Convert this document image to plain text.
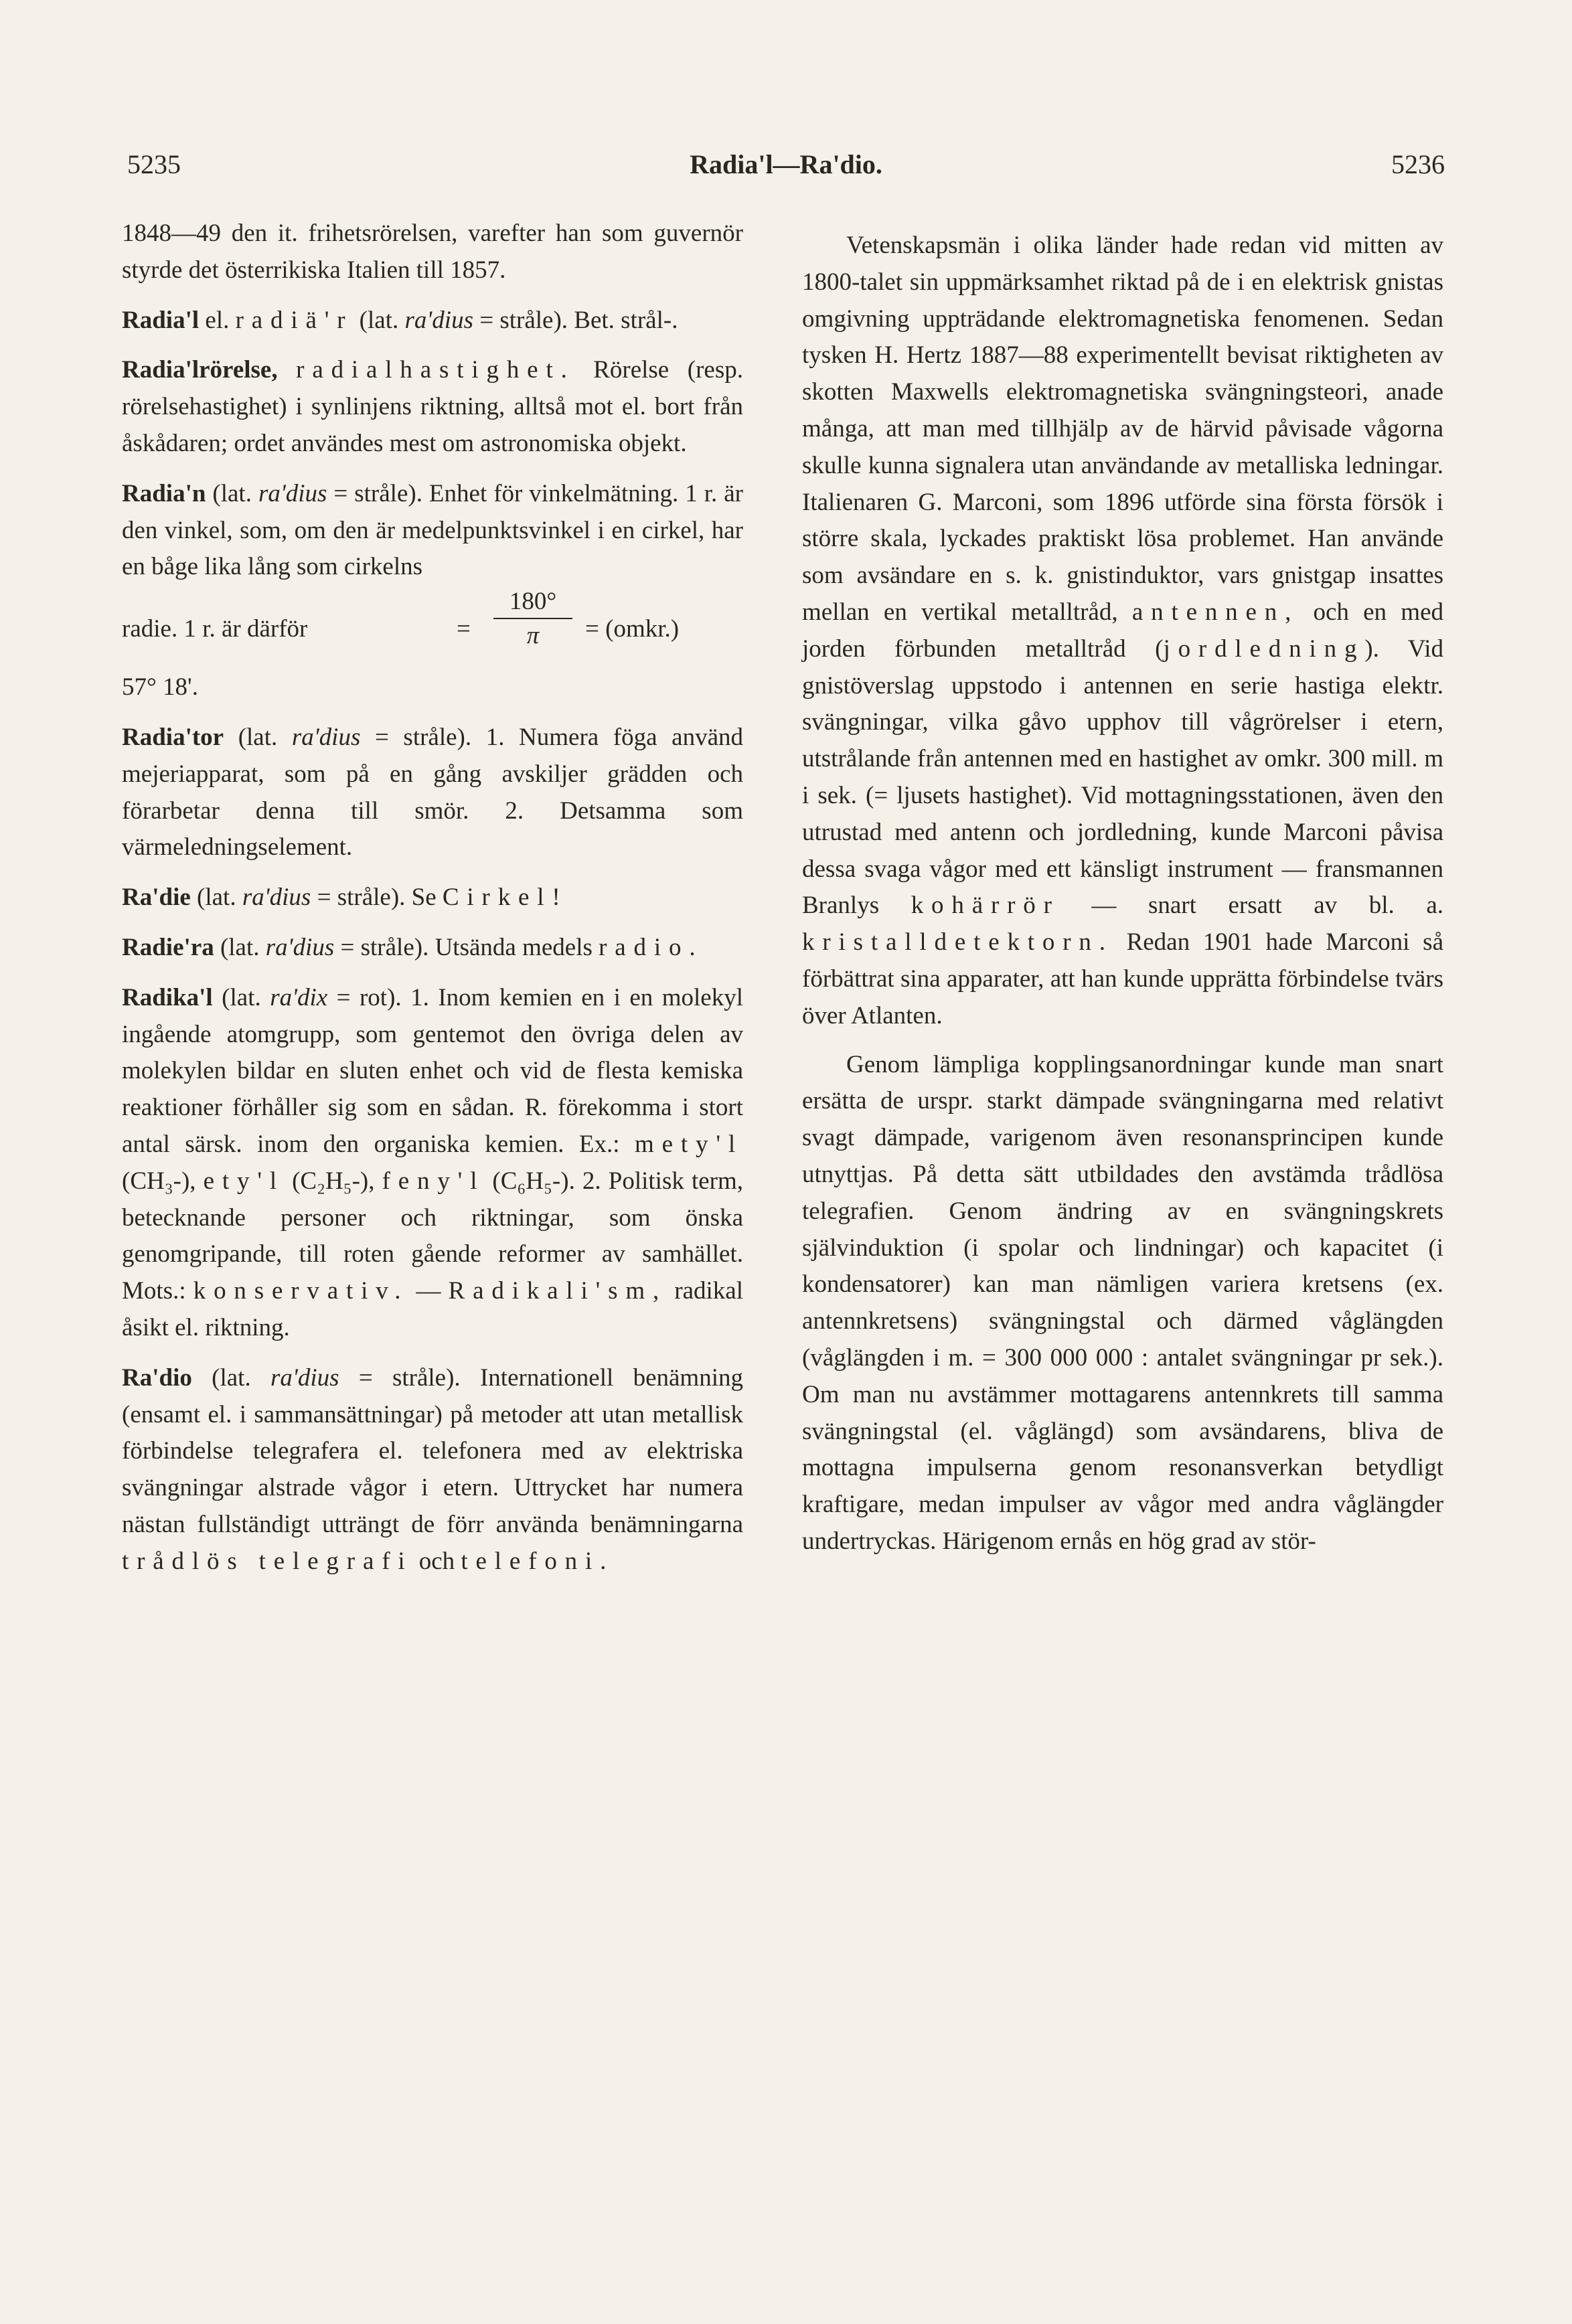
5235	Radia'l—Ra'dio.	5236

1848—49 den it. frihetsrörelsen, varefter han som guvernör styrde det österrikiska Italien till 1857.

Radia'l el. radiä'r (lat. ra'dius = stråle). Bet. strål-.

Radia'lrörelse, radialhastighet. Rörelse (resp. rörelsehastighet) i synlinjens riktning, alltså mot el. bort från åskådaren; ordet användes mest om astronomiska objekt.

Radia'n (lat. ra'dius = stråle). Enhet för vinkelmätning. 1 r. är den vinkel, som, om den är medelpunktsvinkel i en cirkel, har en båge lika lång som cirkelns

radie. 1 r. är därför	= $\frac{180^\circ}{\pi}$ = (omkr.)

57° 18'.

Radia'tor (lat. ra'dius = stråle). 1. Numera föga använd mejeriapparat, som på en gång avskiljer grädden och förarbetar denna till smör. 2. Detsamma som värmeledningselement.

Ra'die (lat. ra'dius = stråle). Se Cirkel!

Radie'ra (lat. ra'dius = stråle). Utsända medels radio.

Radika'l (lat. ra'dix = rot). 1. Inom kemien en i en molekyl ingående atomgrupp, som gentemot den övriga delen av molekylen bildar en sluten enhet och vid de flesta kemiska reaktioner förhåller sig som en sådan. R. förekomma i stort antal särsk. inom den organiska kemien. Ex.: mety'l (CH₃-), ety'l (C₂H₅-), feny'l (C₆H₅-). 2. Politisk term, betecknande personer och riktningar, som önska genomgripande, till roten gående reformer av samhället. Mots.: konservativ. — Radikali'sm, radikal åsikt el. riktning.

Ra'dio (lat. ra'dius = stråle). Internationell benämning (ensamt el. i sammansättningar) på metoder att utan metallisk förbindelse telegrafera el. telefonera med av elektriska svängningar alstrade vågor i etern. Uttrycket har numera nästan fullständigt utträngt de förr använda benämningarna trådlös telegrafi och telefoni.

Vetenskapsmän i olika länder hade redan vid mitten av 1800-talet sin uppmärksamhet riktad på de i en elektrisk gnistas omgivning uppträdande elektromagnetiska fenomenen. Sedan tysken H. Hertz 1887—88 experimentellt bevisat riktigheten av skotten Maxwells elektromagnetiska svängningsteori, anade många, att man med tillhjälp av de härvid påvisade vågorna skulle kunna signalera utan användande av metalliska ledningar. Italienaren G. Marconi, som 1896 utförde sina första försök i större skala, lyckades praktiskt lösa problemet. Han använde som avsändare en s. k. gnistinduktor, vars gnistgap insattes mellan en vertikal metalltråd, antennen, och en med jorden förbunden metalltråd (jordledning). Vid gnistöverslag uppstodo i antennen en serie hastiga elektr. svängningar, vilka gåvo upphov till vågrörelser i etern, utstrålande från antennen med en hastighet av omkr. 300 mill. m i sek. (= ljusets hastighet). Vid mottagningsstationen, även den utrustad med antenn och jordledning, kunde Marconi påvisa dessa svaga vågor med ett känsligt instrument — fransmannen Branlys kohärrör — snart ersatt av bl. a. kristalldetektorn. Redan 1901 hade Marconi så förbättrat sina apparater, att han kunde upprätta förbindelse tvärs över Atlanten.

Genom lämpliga kopplingsanordningar kunde man snart ersätta de urspr. starkt dämpade svängningarna med relativt svagt dämpade, varigenom även resonansprincipen kunde utnyttjas. På detta sätt utbildades den avstämda trådlösa telegrafien. Genom ändring av en svängningskrets självinduktion (i spolar och lindningar) och kapacitet (i kondensatorer) kan man nämligen variera kretsens (ex. antennkretsens) svängningstal och därmed våglängden (våglängden i m. = 300 000 000 : antalet svängningar pr sek.). Om man nu avstämmer mottagarens antennkrets till samma svängningstal (el. våglängd) som avsändarens, bliva de mottagna impulserna genom resonansverkan betydligt kraftigare, medan impulser av vågor med andra våglängder undertryckas. Härigenom ernås en hög grad av stör-
